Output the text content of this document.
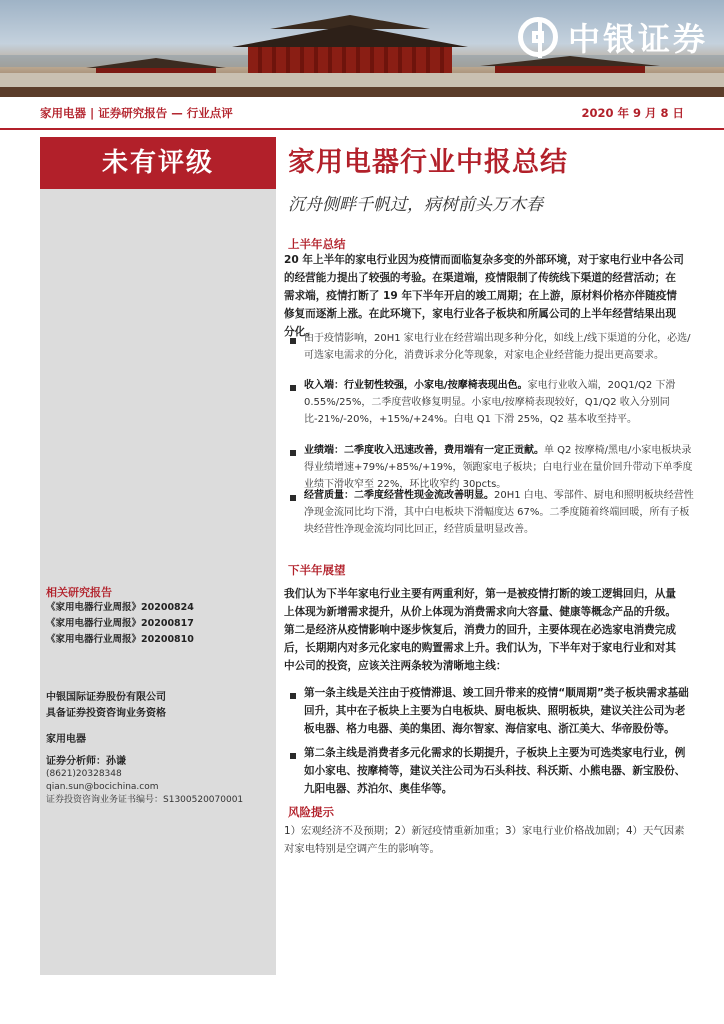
中银证券
家用电器 | 证券研究报告 — 行业点评	2020 年 9 月 8 日
未有评级
相关研究报告
《家用电器行业周报》20200824
《家用电器行业周报》20200817
《家用电器行业周报》20200810
中银国际证券股份有限公司
具备证券投资咨询业务资格
家用电器
证券分析师：孙谦
(8621)20328348
qian.sun@bocichina.com
证券投资咨询业务证书编号：S1300520070001
家用电器行业中报总结
沉舟侧畔千帆过，病树前头万木春
上半年总结
20 年上半年的家电行业因为疫情而面临复杂多变的外部环境，对于家电行业中各公司的经营能力提出了较强的考验。在渠道端，疫情限制了传统线下渠道的经营活动；在需求端，疫情打断了 19 年下半年开启的竣工周期；在上游，原材料价格亦伴随疫情修复而逐渐上涨。在此环境下，家电行业各子板块和所属公司的上半年经营结果出现分化。
由于疫情影响，20H1 家电行业在经营端出现多种分化，如线上/线下渠道的分化，必选/可选家电需求的分化，消费诉求分化等现象，对家电企业经营能力提出更高要求。
收入端：行业韧性较强，小家电/按摩椅表现出色。家电行业收入端，20Q1/Q2 下滑 0.55%/25%，二季度营收修复明显。小家电/按摩椅表现较好，Q1/Q2 收入分别同比-21%/-20%，+15%/+24%。白电 Q1 下滑 25%，Q2 基本收至持平。
业绩端：二季度收入迅速改善，费用端有一定正贡献。单 Q2 按摩椅/黑电/小家电板块录得业绩增速+79%/+85%/+19%，领跑家电子板块；白电行业在量价回升带动下单季度业绩下滑收窄至 22%，环比收窄约 30pcts。
经营质量：二季度经营性现金流改善明显。20H1 白电、零部件、厨电和照明板块经营性净现金流同比均下滑，其中白电板块下滑幅度达 67%。二季度随着终端回暖，所有子板块经营性净现金流均同比回正，经营质量明显改善。
下半年展望
我们认为下半年家电行业主要有两重利好，第一是被疫情打断的竣工逻辑回归，从量上体现为新增需求提升，从价上体现为消费需求向大容量、健康等概念产品的升级。第二是经济从疫情影响中逐步恢复后，消费力的回升，主要体现在必选家电消费完成后，长期期内对多元化家电的购置需求上升。我们认为，下半年对于家电行业和对其中公司的投资，应该关注两条较为清晰地主线：
第一条主线是关注由于疫情滞退、竣工回升带来的疫情“顺周期”类子板块需求基础回升，其中在子板块上主要为白电板块、厨电板块、照明板块，建议关注公司为老板电器、格力电器、美的集团、海尔智家、海信家电、浙江美大、华帝股份等。
第二条主线是消费者多元化需求的长期提升，子板块上主要为可选类家电行业，例如小家电、按摩椅等，建议关注公司为石头科技、科沃斯、小熊电器、新宝股份、九阳电器、苏泊尔、奥佳华等。
风险提示
1）宏观经济不及预期；2）新冠疫情重新加重；3）家电行业价格战加剧；4）天气因素对家电特别是空调产生的影响等。
